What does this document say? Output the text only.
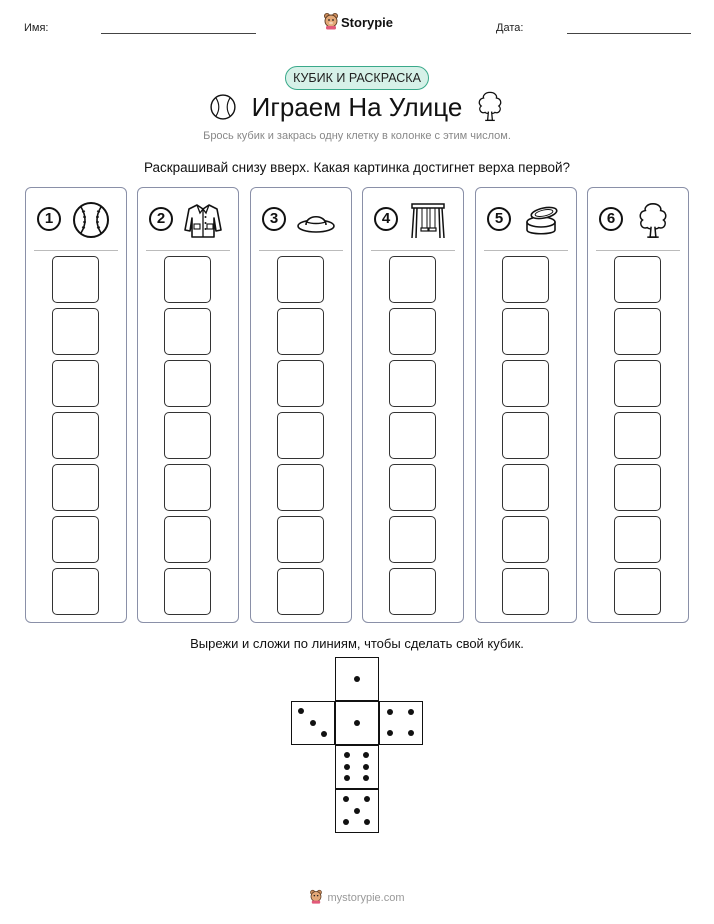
Имя:	Storypie	Дата:
КУБИК И РАСКРАСКА
Играем На Улице
Брось кубик и закрась одну клетку в колонке с этим числом.
Раскрашивай снизу вверх. Какая картинка достигнет верха первой?
1	2	3	4	5	6
Вырежи и сложи по линиям, чтобы сделать свой кубик.
mystorypie.com
